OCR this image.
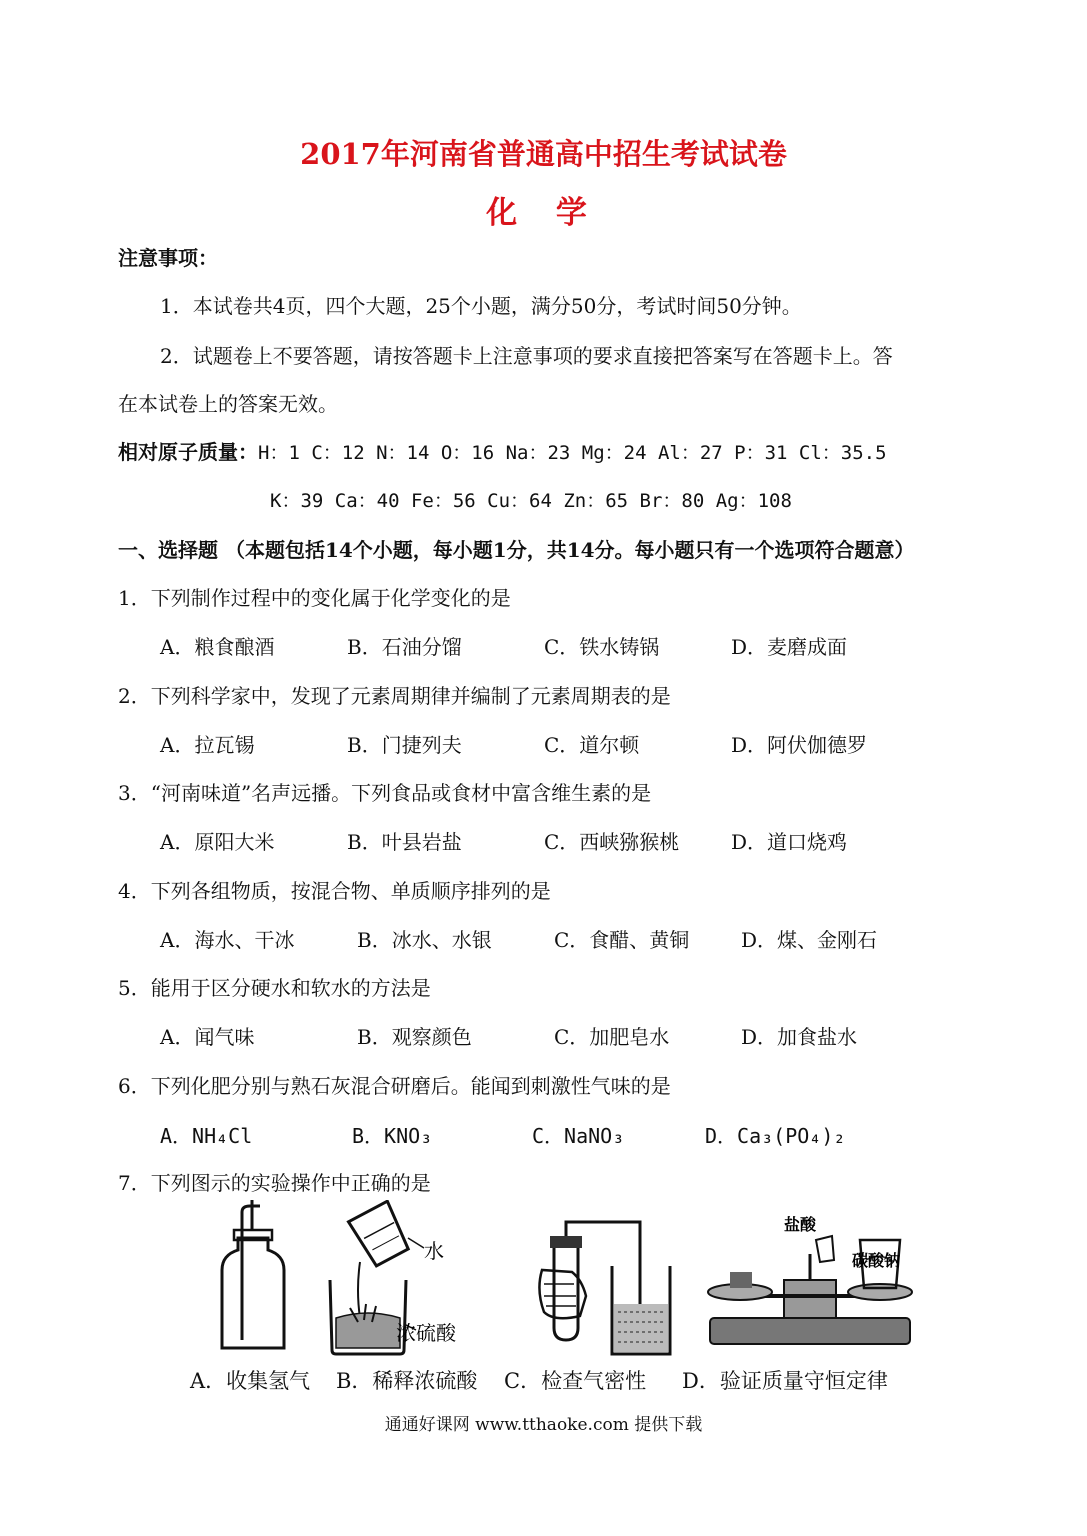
2017年河南省普通高中招生考试试卷
化 学
注意事项：
1．本试卷共4页，四个大题，25个小题，满分50分，考试时间50分钟。
2．试题卷上不要答题，请按答题卡上注意事项的要求直接把答案写在答题卡上。答
在本试卷上的答案无效。
相对原子质量：H：1 C：12 N：14 O：16 Na：23 Mg：24 Al：27 P：31 Cl：35.5
K：39 Ca：40 Fe：56 Cu：64 Zn：65 Br：80 Ag：108
一、选择题 （本题包括14个小题，每小题1分，共14分。每小题只有一个选项符合题意）
1．下列制作过程中的变化属于化学变化的是
A．粮食酿酒	B．石油分馏	C．铁水铸锅	D．麦磨成面
2．下列科学家中，发现了元素周期律并编制了元素周期表的是
A．拉瓦锡	B．门捷列夫	C．道尔顿	D．阿伏伽德罗
3．“河南味道”名声远播。下列食品或食材中富含维生素的是
A．原阳大米	B．叶县岩盐	C．西峡猕猴桃	D．道口烧鸡
4．下列各组物质，按混合物、单质顺序排列的是
A．海水、干冰	B．冰水、水银	C．食醋、黄铜	D．煤、金刚石
5．能用于区分硬水和软水的方法是
A．闻气味	B．观察颜色	C．加肥皂水	D．加食盐水
6．下列化肥分别与熟石灰混合研磨后。能闻到刺激性气味的是
A．NH₄Cl	B．KNO₃	C．NaNO₃	D．Ca₃(PO₄)₂
7．下列图示的实验操作中正确的是
水
浓硫酸
盐酸
碳酸钠
A．收集氢气 B．稀释浓硫酸 C．检查气密性 D．验证质量守恒定律
通通好课网 www.tthaoke.com 提供下载
